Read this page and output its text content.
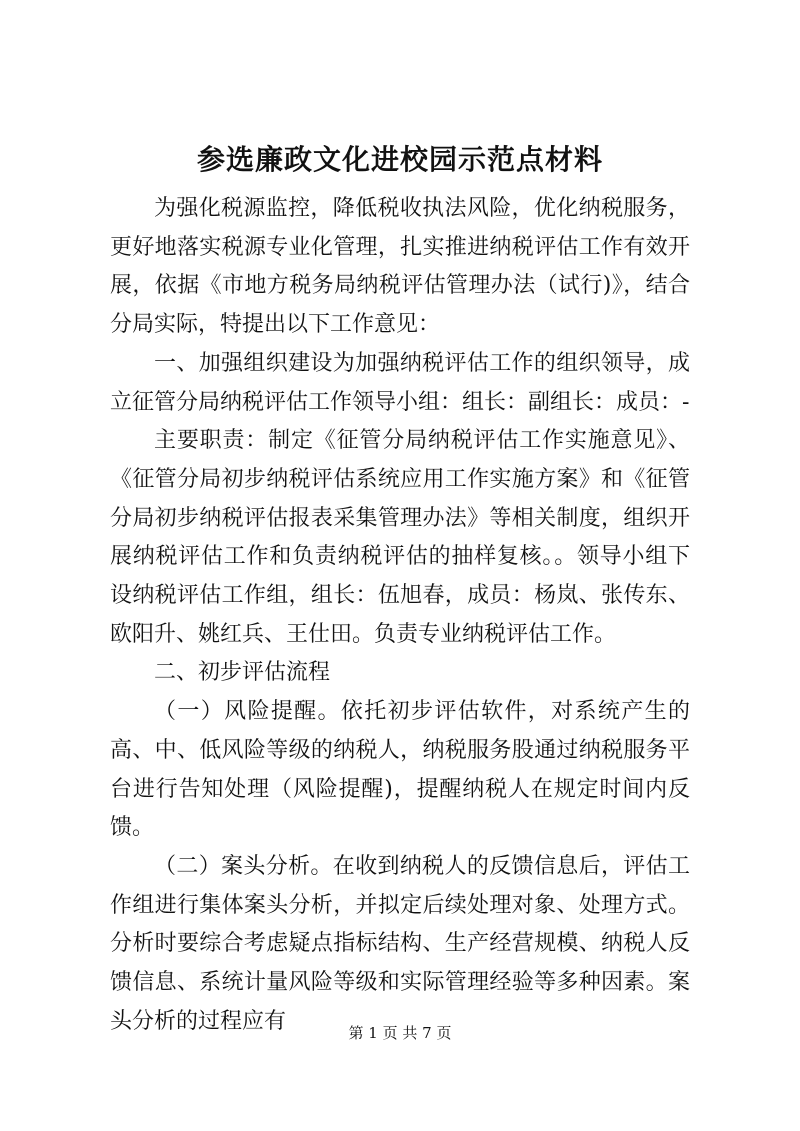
参选廉政文化进校园示范点材料

为强化税源监控，降低税收执法风险，优化纳税服务，更好地落实税源专业化管理，扎实推进纳税评估工作有效开展，依据《市地方税务局纳税评估管理办法（试行)》，结合分局实际，特提出以下工作意见：

一、加强组织建设为加强纳税评估工作的组织领导，成立征管分局纳税评估工作领导小组：组长：副组长：成员：-

主要职责：制定《征管分局纳税评估工作实施意见》、《征管分局初步纳税评估系统应用工作实施方案》和《征管分局初步纳税评估报表采集管理办法》等相关制度，组织开展纳税评估工作和负责纳税评估的抽样复核。。领导小组下设纳税评估工作组，组长：伍旭春，成员：杨岚、张传东、欧阳升、姚红兵、王仕田。负责专业纳税评估工作。

二、初步评估流程

（一）风险提醒。依托初步评估软件，对系统产生的高、中、低风险等级的纳税人，纳税服务股通过纳税服务平台进行告知处理（风险提醒)，提醒纳税人在规定时间内反馈。

（二）案头分析。在收到纳税人的反馈信息后，评估工作组进行集体案头分析，并拟定后续处理对象、处理方式。分析时要综合考虑疑点指标结构、生产经营规模、纳税人反馈信息、系统计量风险等级和实际管理经验等多种因素。案头分析的过程应有	第 1 页 共 7 页
